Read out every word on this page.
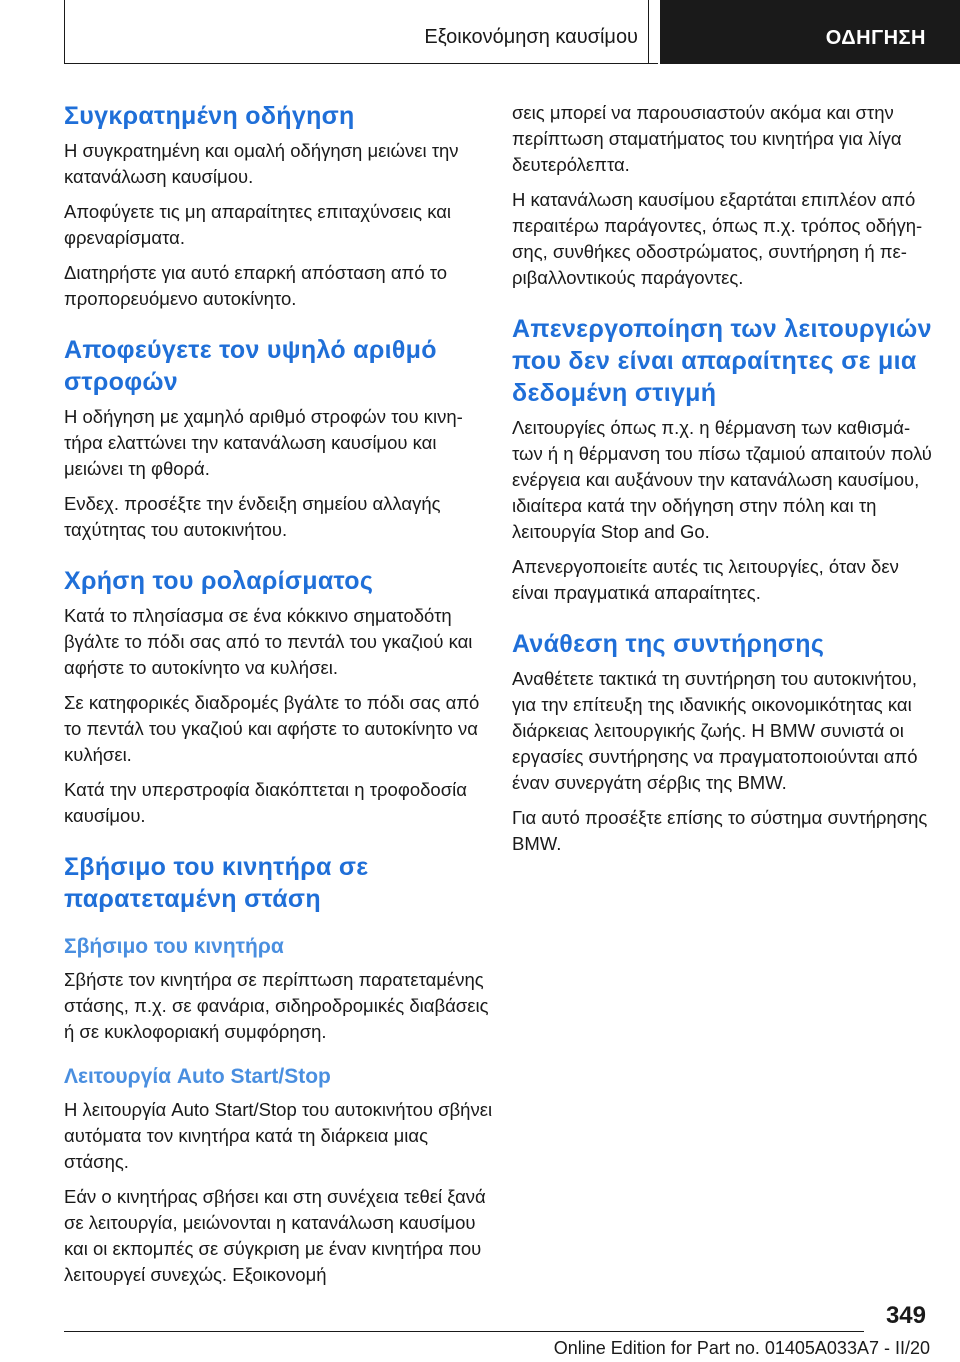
Εξοικονόμηση καυσίμου	ΟΔΗΓΗΣΗ
Συγκρατημένη οδήγηση

Η συγκρατημένη και ομαλή οδήγηση μειώνει την κατανάλωση καυσίμου.

Αποφύγετε τις μη απαραίτητες επιταχύνσεις και φρεναρίσματα.

Διατηρήστε για αυτό επαρκή απόσταση από το προπορευόμενο αυτοκίνητο.

Αποφεύγετε τον υψηλό αριθμό στροφών

Η οδήγηση με χαμηλό αριθμό στροφών του κινητήρα ελαττώνει την κατανάλωση καυσίμου και μειώνει τη φθορά.

Ενδεχ. προσέξτε την ένδειξη σημείου αλλαγής ταχύτητας του αυτοκινήτου.

Χρήση του ρολαρίσματος

Κατά το πλησίασμα σε ένα κόκκινο σηματοδότη βγάλτε το πόδι σας από το πεντάλ του γκαζιού και αφήστε το αυτοκίνητο να κυλήσει.

Σε κατηφορικές διαδρομές βγάλτε το πόδι σας από το πεντάλ του γκαζιού και αφήστε το αυτοκίνητο να κυλήσει.

Κατά την υπερστροφία διακόπτεται η τροφοδοσία καυσίμου.

Σβήσιμο του κινητήρα σε παρατεταμένη στάση
Σβήσιμο του κινητήρα

Σβήστε τον κινητήρα σε περίπτωση παρατεταμένης στάσης, π.χ. σε φανάρια, σιδηροδρομικές διαβάσεις ή σε κυκλοφοριακή συμφόρηση.

Λειτουργία Auto Start/Stop

Η λειτουργία Auto Start/Stop του αυτοκινήτου σβήνει αυτόματα τον κινητήρα κατά τη διάρκεια μιας στάσης.

Εάν ο κινητήρας σβήσει και στη συνέχεια τεθεί ξανά σε λειτουργία, μειώνονται η κατανάλωση καυσίμου και οι εκπομπές σε σύγκριση με έναν κινητήρα που λειτουργεί συνεχώς. Εξοικονομή

σεις μπορεί να παρουσιαστούν ακόμα και στην περίπτωση σταματήματος του κινητήρα για λίγα δευτερόλεπτα.

Η κατανάλωση καυσίμου εξαρτάται επιπλέον από περαιτέρω παράγοντες, όπως π.χ. τρόπος οδήγησης, συνθήκες οδοστρώματος, συντήρηση ή περιβαλλοντικούς παράγοντες.

Απενεργοποίηση των λειτουργιών που δεν είναι απαραίτητες σε μια δεδομένη στιγμή

Λειτουργίες όπως π.χ. η θέρμανση των καθισμάτων ή η θέρμανση του πίσω τζαμιού απαιτούν πολύ ενέργεια και αυξάνουν την κατανάλωση καυσίμου, ιδιαίτερα κατά την οδήγηση στην πόλη και τη λειτουργία Stop and Go.

Απενεργοποιείτε αυτές τις λειτουργίες, όταν δεν είναι πραγματικά απαραίτητες.

Ανάθεση της συντήρησης

Αναθέτετε τακτικά τη συντήρηση του αυτοκινήτου, για την επίτευξη της ιδανικής οικονομικότητας και διάρκειας λειτουργικής ζωής. Η BMW συνιστά οι εργασίες συντήρησης να πραγματοποιούνται από έναν συνεργάτη σέρβις της BMW.

Για αυτό προσέξτε επίσης το σύστημα συντήρησης BMW.

349
Online Edition for Part no. 01405A033A7 - II/20
